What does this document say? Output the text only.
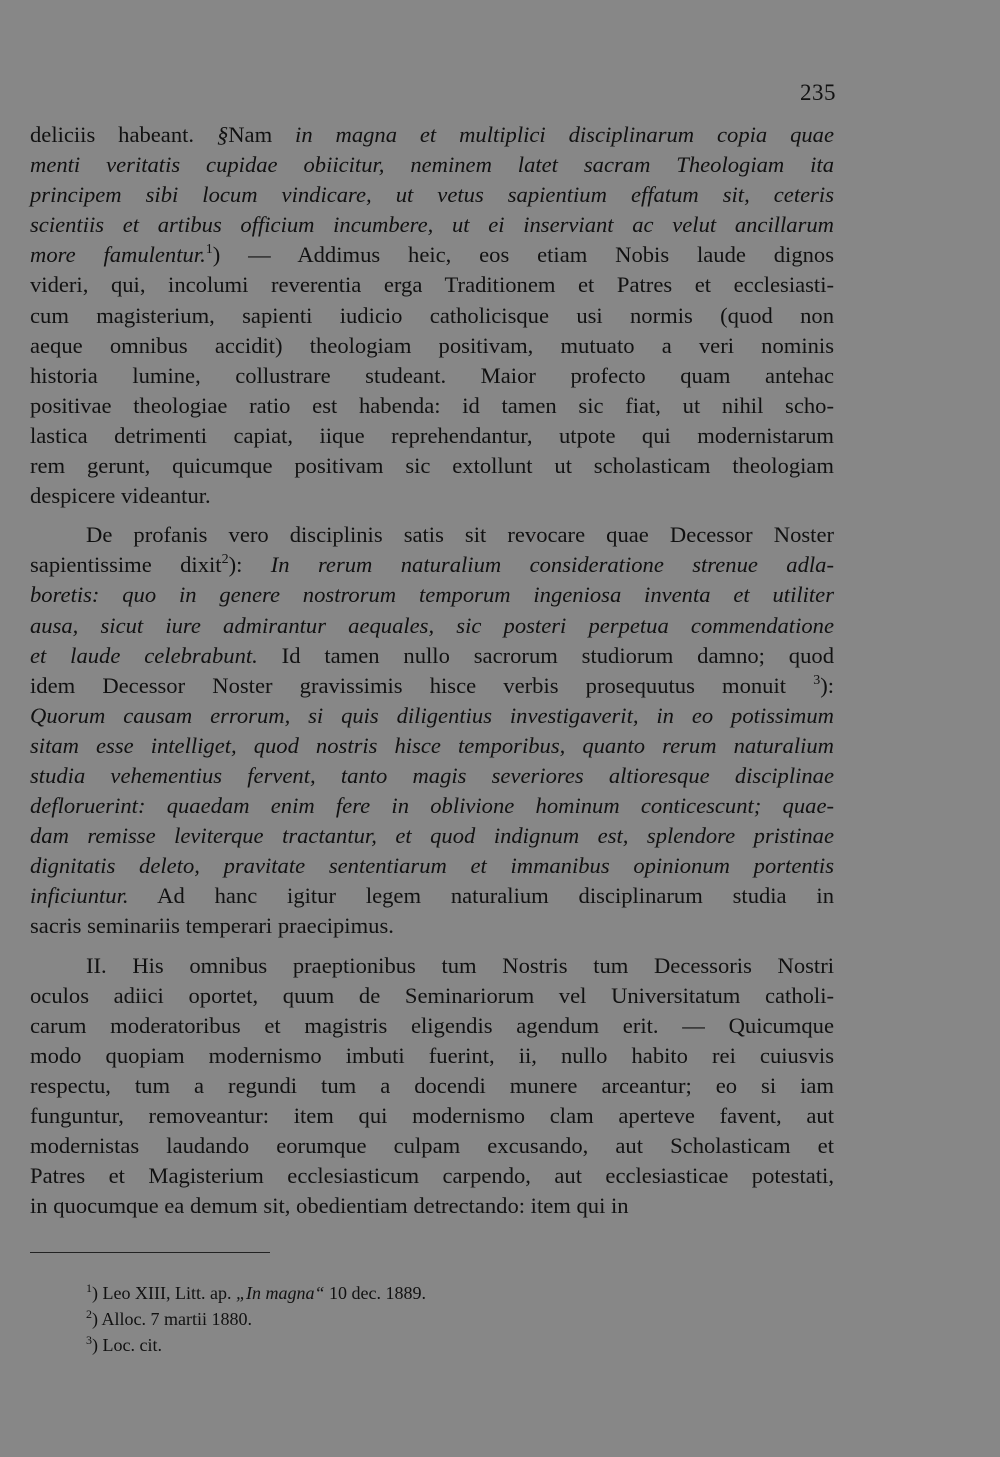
235
deliciis habeant. §Nam in magna et multiplici disciplinarum copia quae
menti veritatis cupidae obiicitur, neminem latet sacram Theologiam ita
principem sibi locum vindicare, ut vetus sapientium effatum sit, ceteris
scientiis et artibus officium incumbere, ut ei inserviant ac velut ancillarum
more famulentur.$^1$) — Addimus heic, eos etiam Nobis laude dignos
videri, qui, incolumi reverentia erga Traditionem et Patres et ecclesiasti-
cum magisterium, sapienti iudicio catholicisque usi normis (quod non
aeque omnibus accidit) theologiam positivam, mutuato a veri nominis
historia lumine, collustrare studeant. Maior profecto quam antehac
positivae theologiae ratio est habenda: id tamen sic fiat, ut nihil scho-
lastica detrimenti capiat, iique reprehendantur, utpote qui modernistarum
rem gerunt, quicumque positivam sic extollunt ut scholasticam theologiam
despicere videantur.
De profanis vero disciplinis satis sit revocare quae Decessor Noster
sapientissime dixit$^2$): In rerum naturalium consideratione strenue adla-
boretis: quo in genere nostrorum temporum ingeniosa inventa et utiliter
ausa, sicut iure admirantur aequales, sic posteri perpetua commendatione
et laude celebrabunt. Id tamen nullo sacrorum studiorum damno; quod
idem Decessor Noster gravissimis hisce verbis prosequutus monuit $^3$):
Quorum causam errorum, si quis diligentius investigaverit, in eo potissimum
sitam esse intelliget, quod nostris hisce temporibus, quanto rerum naturalium
studia vehementius fervent, tanto magis severiores altioresque disciplinae
defloruerint: quaedam enim fere in oblivione hominum conticescunt; quae-
dam remisse leviterque tractantur, et quod indignum est, splendore pristinae
dignitatis deleto, pravitate sententiarum et immanibus opinionum portentis
inficiuntur. Ad hanc igitur legem naturalium disciplinarum studia in
sacris seminariis temperari praecipimus.
II. His omnibus praeptionibus tum Nostris tum Decessoris Nostri
oculos adiici oportet, quum de Seminariorum vel Universitatum catholi-
carum moderatoribus et magistris eligendis agendum erit. — Quicumque
modo quopiam modernismo imbuti fuerint, ii, nullo habito rei cuiusvis
respectu, tum a regundi tum a docendi munere arceantur; eo si iam
funguntur, removeantur: item qui modernismo clam aperteve favent, aut
modernistas laudando eorumque culpam excusando, aut Scholasticam et
Patres et Magisterium ecclesiasticum carpendo, aut ecclesiasticae potestati,
in quocumque ea demum sit, obedientiam detrectando: item qui in
$^1$) Leo XIII, Litt. ap. „In magna“ 10 dec. 1889.
$^2$) Alloc. 7 martii 1880.
$^3$) Loc. cit.
